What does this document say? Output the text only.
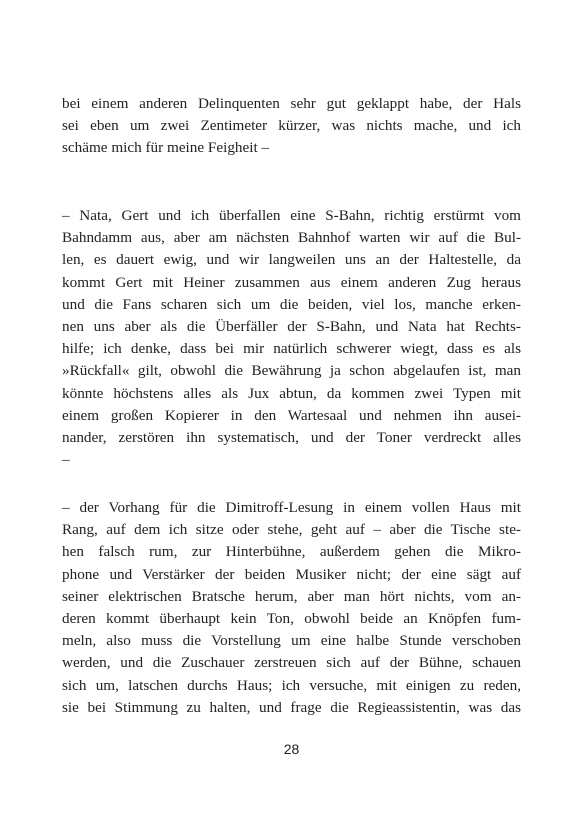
bei einem anderen Delinquenten sehr gut geklappt habe, der Hals
sei eben um zwei Zentimeter kürzer, was nichts mache, und ich
schäme mich für meine Feigheit –
– Nata, Gert und ich überfallen eine S-Bahn, richtig erstürmt vom
Bahndamm aus, aber am nächsten Bahnhof warten wir auf die Bul-
len, es dauert ewig, und wir langweilen uns an der Haltestelle, da
kommt Gert mit Heiner zusammen aus einem anderen Zug heraus
und die Fans scharen sich um die beiden, viel los, manche erken-
nen uns aber als die Überfäller der S-Bahn, und Nata hat Rechts-
hilfe; ich denke, dass bei mir natürlich schwerer wiegt, dass es als
»Rückfall« gilt, obwohl die Bewährung ja schon abgelaufen ist, man
könnte höchstens alles als Jux abtun, da kommen zwei Typen mit
einem großen Kopierer in den Wartesaal und nehmen ihn ausei-
nander, zerstören ihn systematisch, und der Toner verdreckt alles
–
– der Vorhang für die Dimitroff-Lesung in einem vollen Haus mit
Rang, auf dem ich sitze oder stehe, geht auf – aber die Tische ste-
hen falsch rum, zur Hinterbühne, außerdem gehen die Mikro-
phone und Verstärker der beiden Musiker nicht; der eine sägt auf
seiner elektrischen Bratsche herum, aber man hört nichts, vom an-
deren kommt überhaupt kein Ton, obwohl beide an Knöpfen fum-
meln, also muss die Vorstellung um eine halbe Stunde verschoben
werden, und die Zuschauer zerstreuen sich auf der Bühne, schauen
sich um, latschen durchs Haus; ich versuche, mit einigen zu reden,
sie bei Stimmung zu halten, und frage die Regieassistentin, was das
28
